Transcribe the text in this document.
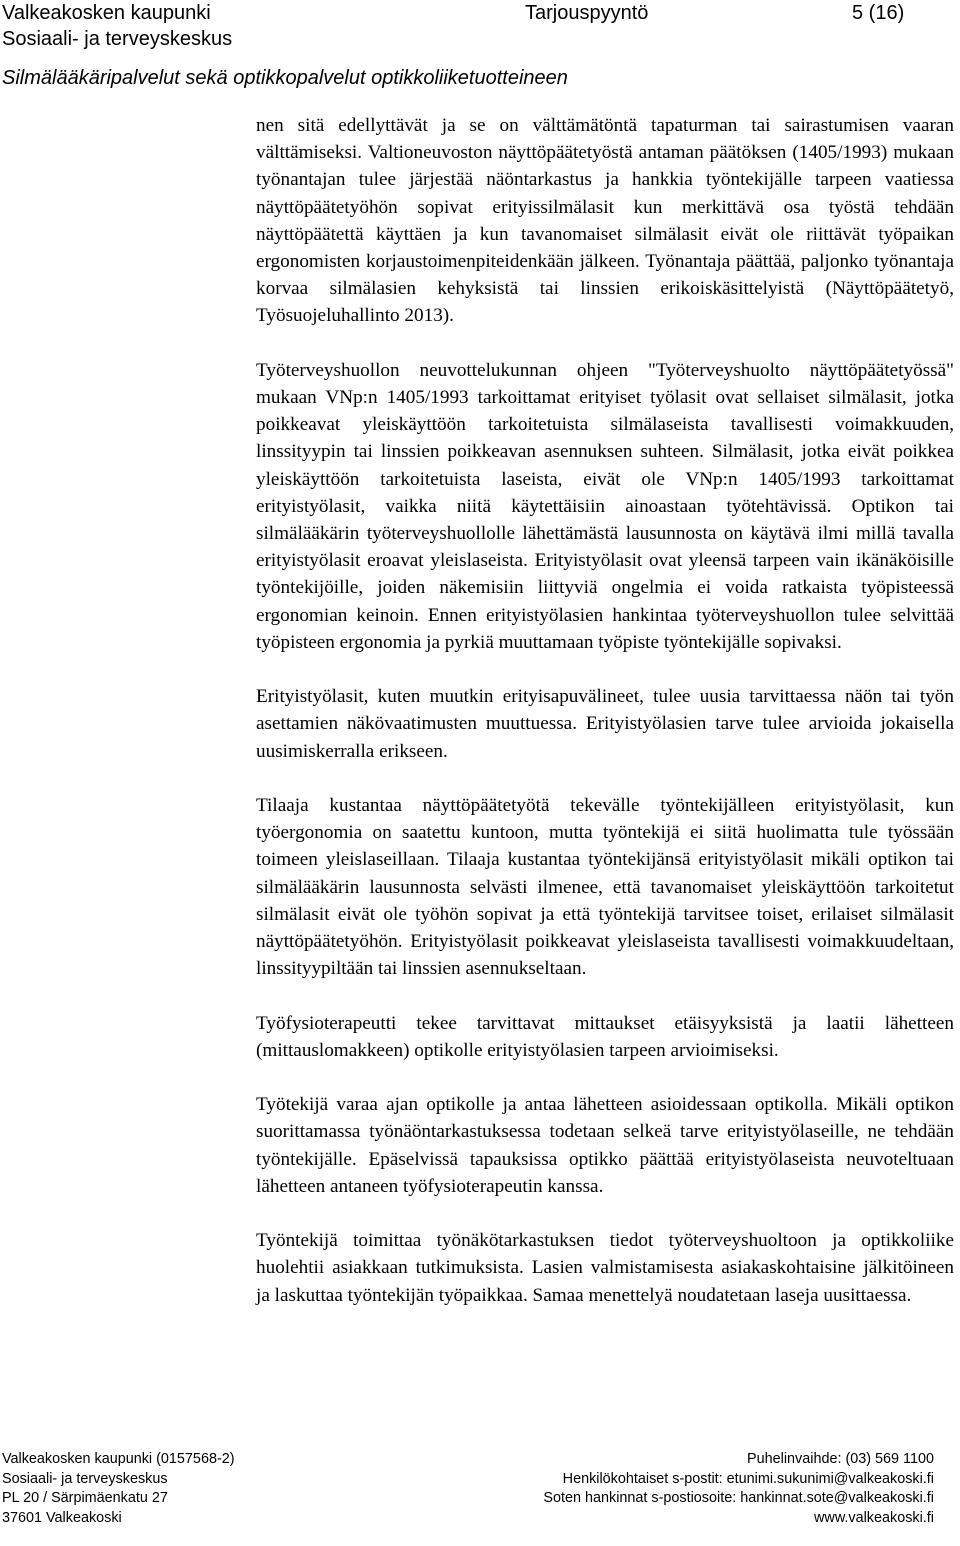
Valkeakosken kaupunki	Tarjouspyyntö	5 (16)
Sosiaali- ja terveyskeskus
Silmälääkäripalvelut sekä optikkopalvelut optikkoliiketuotteineen

nen sitä edellyttävät ja se on välttämätöntä tapaturman tai sairastumisen vaaran välttämiseksi. Valtioneuvoston näyttöpäätetyöstä antaman päätöksen (1405/1993) mukaan työnantajan tulee järjestää näöntarkastus ja hankkia työntekijälle tarpeen vaatiessa näyttöpäätetyöhön sopivat erityissilmälasit kun merkittävä osa työstä tehdään näyttöpäätettä käyttäen ja kun tavanomaiset silmälasit eivät ole riittävät työpaikan ergonomisten korjaustoimenpiteidenkään jälkeen. Työnantaja päättää, paljonko työnantaja korvaa silmälasien kehyksistä tai linssien erikoiskäsittelyistä (Näyttöpäätetyö, Työsuojeluhallinto 2013).

Työterveyshuollon neuvottelukunnan ohjeen "Työterveyshuolto näyttöpäätetyössä" mukaan VNp:n 1405/1993 tarkoittamat erityiset työlasit ovat sellaiset silmälasit, jotka poikkeavat yleiskäyttöön tarkoitetuista silmälaseista tavallisesti voimakkuuden, linssityypin tai linssien poikkeavan asennuksen suhteen. Silmälasit, jotka eivät poikkea yleiskäyttöön tarkoitetuista laseista, eivät ole VNp:n 1405/1993 tarkoittamat erityistyölasit, vaikka niitä käytettäisiin ainoastaan työtehtävissä. Optikon tai silmälääkärin työterveyshuollolle lähettämästä lausunnosta on käytävä ilmi millä tavalla erityistyölasit eroavat yleislaseista. Erityistyölasit ovat yleensä tarpeen vain ikänäköisille työntekijöille, joiden näkemisiin liittyviä ongelmia ei voida ratkaista työpisteessä ergonomian keinoin. Ennen erityistyölasien hankintaa työterveyshuollon tulee selvittää työpisteen ergonomia ja pyrkiä muuttamaan työpiste työntekijälle sopivaksi.

Erityistyölasit, kuten muutkin erityisapuvälineet, tulee uusia tarvittaessa näön tai työn asettamien näkövaatimusten muuttuessa. Erityistyölasien tarve tulee arvioida jokaisella uusimiskerralla erikseen.

Tilaaja kustantaa näyttöpäätetyötä tekevälle työntekijälleen erityistyölasit, kun työergonomia on saatettu kuntoon, mutta työntekijä ei siitä huolimatta tule työssään toimeen yleislaseillaan. Tilaaja kustantaa työntekijänsä erityistyölasit mikäli optikon tai silmälääkärin lausunnosta selvästi ilmenee, että tavanomaiset yleiskäyttöön tarkoitetut silmälasit eivät ole työhön sopivat ja että työntekijä tarvitsee toiset, erilaiset silmälasit näyttöpäätetyöhön. Erityistyölasit poikkeavat yleislaseista tavallisesti voimakkuudeltaan, linssityypiltään tai linssien asennukseltaan.

Työfysioterapeutti tekee tarvittavat mittaukset etäisyyksistä ja laatii lähetteen (mittauslomakkeen) optikolle erityistyölasien tarpeen arvioimiseksi.

Työtekijä varaa ajan optikolle ja antaa lähetteen asioidessaan optikolla. Mikäli optikon suorittamassa työnäöntarkastuksessa todetaan selkeä tarve erityistyölaseille, ne tehdään työntekijälle. Epäselvissä tapauksissa optikko päättää erityistyölaseista neuvoteltuaan lähetteen antaneen työfysioterapeutin kanssa.

Työntekijä toimittaa työnäkötarkastuksen tiedot työterveyshuoltoon ja optikkoliike huolehtii asiakkaan tutkimuksista. Lasien valmistamisesta asiakaskohtaisine jälkitöineen ja laskuttaa työntekijän työpaikkaa. Samaa menettelyä noudatetaan laseja uusittaessa.

Valkeakosken kaupunki (0157568-2)
Sosiaali- ja terveyskeskus
PL 20 / Särpimäenkatu 27
37601 Valkeakoski
Puhelinvaihde: (03) 569 1100
Henkilökohtaiset s-postit: etunimi.sukunimi@valkeakoski.fi
Soten hankinnat s-postiosoite: hankinnat.sote@valkeakoski.fi
www.valkeakoski.fi
